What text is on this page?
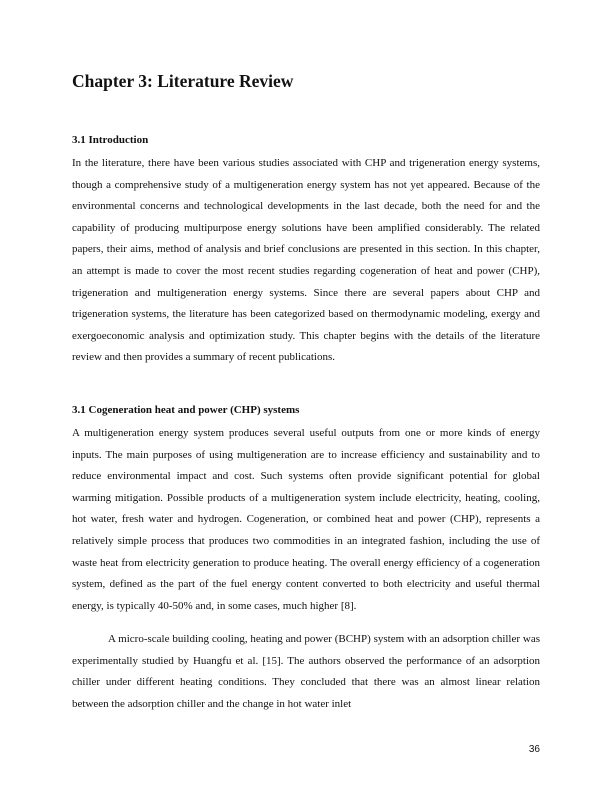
Chapter 3: Literature Review
3.1 Introduction

In the literature, there have been various studies associated with CHP and trigeneration energy systems, though a comprehensive study of a multigeneration energy system has not yet appeared. Because of the environmental concerns and technological developments in the last decade, both the need for and the capability of producing multipurpose energy solutions have been amplified considerably. The related papers, their aims, method of analysis and brief conclusions are presented in this section. In this chapter, an attempt is made to cover the most recent studies regarding cogeneration of heat and power (CHP), trigeneration and multigeneration energy systems. Since there are several papers about CHP and trigeneration systems, the literature has been categorized based on thermodynamic modeling, exergy and exergoeconomic analysis and optimization study. This chapter begins with the details of the literature review and then provides a summary of recent publications.

3.1 Cogeneration heat and power (CHP) systems

A multigeneration energy system produces several useful outputs from one or more kinds of energy inputs. The main purposes of using multigeneration are to increase efficiency and sustainability and to reduce environmental impact and cost. Such systems often provide significant potential for global warming mitigation. Possible products of a multigeneration system include electricity, heating, cooling, hot water, fresh water and hydrogen. Cogeneration, or combined heat and power (CHP), represents a relatively simple process that produces two commodities in an integrated fashion, including the use of waste heat from electricity generation to produce heating. The overall energy efficiency of a cogeneration system, defined as the part of the fuel energy content converted to both electricity and useful thermal energy, is typically 40-50% and, in some cases, much higher [8].

A micro-scale building cooling, heating and power (BCHP) system with an adsorption chiller was experimentally studied by Huangfu et al. [15]. The authors observed the performance of an adsorption chiller under different heating conditions. They concluded that there was an almost linear relation between the adsorption chiller and the change in hot water inlet

36
